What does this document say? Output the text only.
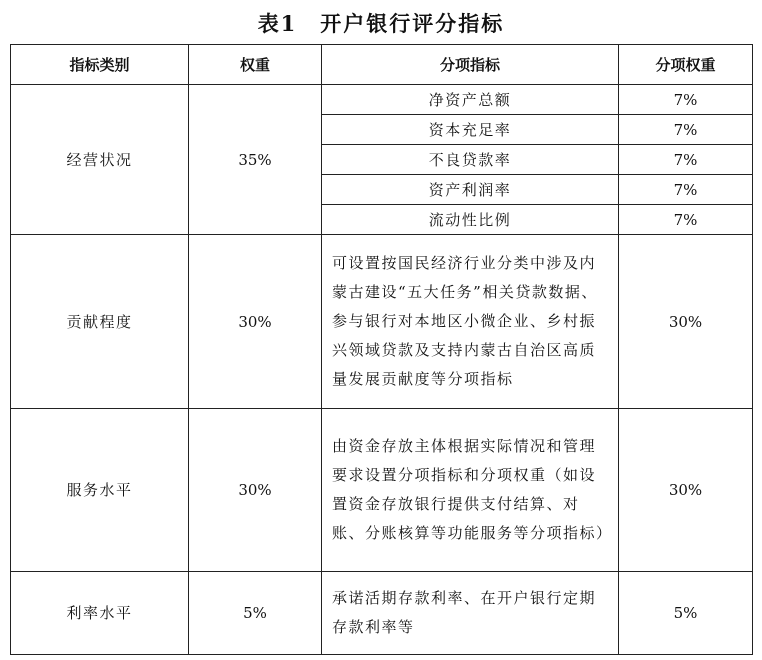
表1　开户银行评分指标
指标类别	权重	分项指标	分项权重
经营状况	35%	净资产总额	7%
		资本充足率	7%
		不良贷款率	7%
		资产利润率	7%
		流动性比例	7%
贡献程度	30%	可设置按国民经济行业分类中涉及内蒙古建设“五大任务”相关贷款数据、参与银行对本地区小微企业、乡村振兴领域贷款及支持内蒙古自治区高质量发展贡献度等分项指标	30%
服务水平	30%	由资金存放主体根据实际情况和管理要求设置分项指标和分项权重（如设置资金存放银行提供支付结算、对账、分账核算等功能服务等分项指标）	30%
利率水平	5%	承诺活期存款利率、在开户银行定期存款利率等	5%
